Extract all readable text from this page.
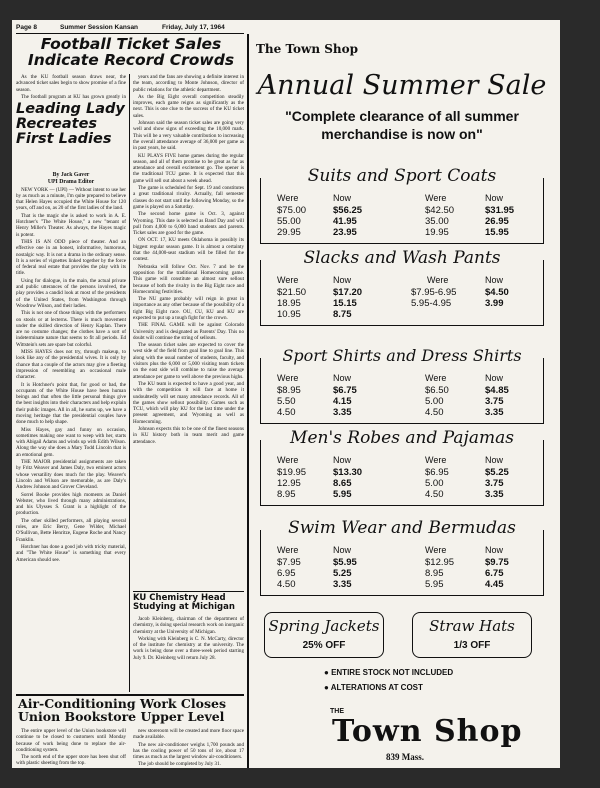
Page 8	Summer Session Kansan	Friday, July 17, 1964
Football Ticket Sales Indicate Record Crowds

As the KU football season draws near, the advanced ticket sales begin to show promise of a fine season.

The football program at KU has grown greatly in

Leading Lady Recreates First Ladies

By Jack Gaver

UPI Drama Editor

NEW YORK — (UPI) — Without intent to use her by as much as a minute, I'm quite prepared to believe that Helen Hayes occupied the White House for 120 years, off and on, as 20 of the first ladies of the land.

That is the magic she is asked to work in A. E. Hotchner's "The White House," a new "tenant of Henry Miller's Theater. As always, the Hayes magic is potent.

THIS IS AN ODD piece of theater. And an effective one in an honest, informative, humorous, nostalgic way. It is not a drama in the ordinary sense. It is a series of vignettes linked together by the force of federal real estate that provides the play with its title.

Using for dialogue, in the main, the actual private and public utterances of the persons involved, the play provides a candid look at most of the presidents of the United States, from Washington through Woodrow Wilson, and their ladies.

This is not one of those things with the performers on stools or at lecterns. There is much movement under the skilled direction of Henry Kaplan. There are no costume changes; the clothes have a sort of indeterminate nature that seems to fit all periods. Ed Wittstein's sets are spare but colorful.

MISS HAYES does not try, through makeup, to look like any of the presidential wives. It is only by chance that a couple of the actors may give a fleeting impression of resembling an occasional male character.

It is Hotchner's point that, for good or bad, the occupants of the White House have been human beings and that often the little personal things give the best insights into their characters and help explain their public images. All in all, he sums up, we have a moving heritage that the presidential couples have done much to help shape.

Miss Hayes, gay and funny on occasion, sometimes making one want to weep with her, starts with Abigail Adams and winds up with Edith Wilson. Along the way she does a Mary Todd Lincoln that is an emotional gem.

THE MAJOR presidential assignments are taken by Fritz Weaver and James Daly, two eminent actors whose versatility does much for the play. Weaver's Lincoln and Wilson are memorable, as are Daly's Andrew Johnson and Grover Cleveland.

Sorrel Booke provides high moments as Daniel Webster, who lived through many administrations, and his Ulysses S. Grant is a highlight of the production.

The other skilled performers, all playing several roles, are Eric Berry, Gene Wilder, Michael O'Sullivan, Bette Henritze, Eugene Roche and Nancy Franklin.

Hotchner has done a good job with tricky material, and "The White House" is something that every American should see.

years and the fans are showing a definite interest in the team, according to Monte Johnson, director of public relations for the athletic department.

As the Big Eight overall competition steadily improves, each game reigns as significantly as the next. This is one clue to the success of the KU ticket sales.

Johnson said the season ticket sales are going very well and show signs of exceeding the 10,000 mark. This will be a very valuable contribution to increasing the overall attendance average of 36,000 per game as in past years, he said.

KU PLAYS FIVE home games during the regular season, and all of them promise to be great as far as attendance and overall excitement go. The opener is the traditional TCU game. It is expected that this game will sell out about a week ahead.

The game is scheduled for Sept. 19 and constitutes a great traditional rivalry. Actually, fall semester classes do not start until the following Monday, so the game is played on a Saturday.

The second home game is Oct. 3, against Wyoming. This date is selected as Band Day and will pull from 4,000 to 6,000 band students and parents. Ticket sales are good for the game.

ON OCT. 17, KU meets Oklahoma in possibly its biggest regular season game. It is almost a certainty that the 44,000-seat stadium will be filled for the contest.

Nebraska will follow Oct. Nov. 7 and be the opposition for the traditional Homecoming game. This game will constitute an almost sure sellout because of both the rivalry in the Big Eight race and Homecoming festivities.

The NU game probably will reign in great in importance as any other because of the possibility of a tight Big Eight race. OU, CU, KU and KU are expected to put up a tough fight for the crown.

THE FINAL GAME will be against Colorado University and is designated as Parents' Day. This no doubt will continue the string of sellouts.

The season ticket sales are expected to cover the west side of the field from goal line to goal line. This along with the usual number of students, faculty, and visitors plus the 6,000 or 5,000 visiting team tickets on the east side will combine to raise the average attendance per game to well above the previous highs.

The KU team is expected to have a good year, and with the competition it will face at home it undoubtedly will set many attendance records. All of the games show sellout possibility. Games such as TCU, which will play KU for the last time under the present agreement, and Wyoming as well as Homecoming.

Johnson expects this to be one of the finest seasons in KU history both in team merit and game attendance.

KU Chemistry Head Studying at Michigan

Jacob Kleinberg, chairman of the department of chemistry, is doing special research work on inorganic chemistry at the University of Michigan.

Working with Kleinberg is C. N. McCarty, director of the institute for chemistry at the university. The work is being done over a three-week period starting July 9. Dr. Kleinberg will return July 28.

Air-Conditioning Work Closes Union Bookstore Upper Level

The entire upper level of the Union bookstore will continue to be closed to customers until Monday because of work being done to replace the air-conditioning system.

The north end of the upper store has been shut off with plastic sheeting from the top.

new storeroom will be created and more floor space made available.

The new air-conditioner weighs 1,700 pounds and has the cooling power of 50 tons of ice, about 17 times as much as the largest window air-conditioners.

The job should be completed by July 31.

The Town Shop
Annual Summer Sale
"Complete clearance of all summer
merchandise is now on"
Suits and Sport Coats
Were
$75.00
55.00
29.95
Now
$56.25
41.95
23.95
Were
$42.50
35.00
19.95
Now
$31.95
26.95
15.95
Slacks and Wash Pants
Were
$21.50
18.95
10.95
Now
$17.20
15.15
8.75
Were
$7.95-6.95
5.95-4.95
Now
$4.50
3.99
Sport Shirts and Dress Shirts
Were
$8.95
5.50
4.50
Now
$6.75
4.15
3.35
Were
$6.50
5.00
4.50
Now
$4.85
3.75
3.35
Men's Robes and Pajamas
Were
$19.95
12.95
8.95
Now
$13.30
8.65
5.95
Were
$6.95
5.00
4.50
Now
$5.25
3.75
3.35
Swim Wear and Bermudas
Were
$7.95
6.95
4.50
Now
$5.95
5.25
3.35
Were
$12.95
8.95
5.95
Now
$9.75
6.75
4.45
Spring Jackets
25% OFF
Straw Hats
1/3 OFF
● ENTIRE STOCK NOT INCLUDED
● ALTERATIONS AT COST
THE
Town Shop
839 Mass.
